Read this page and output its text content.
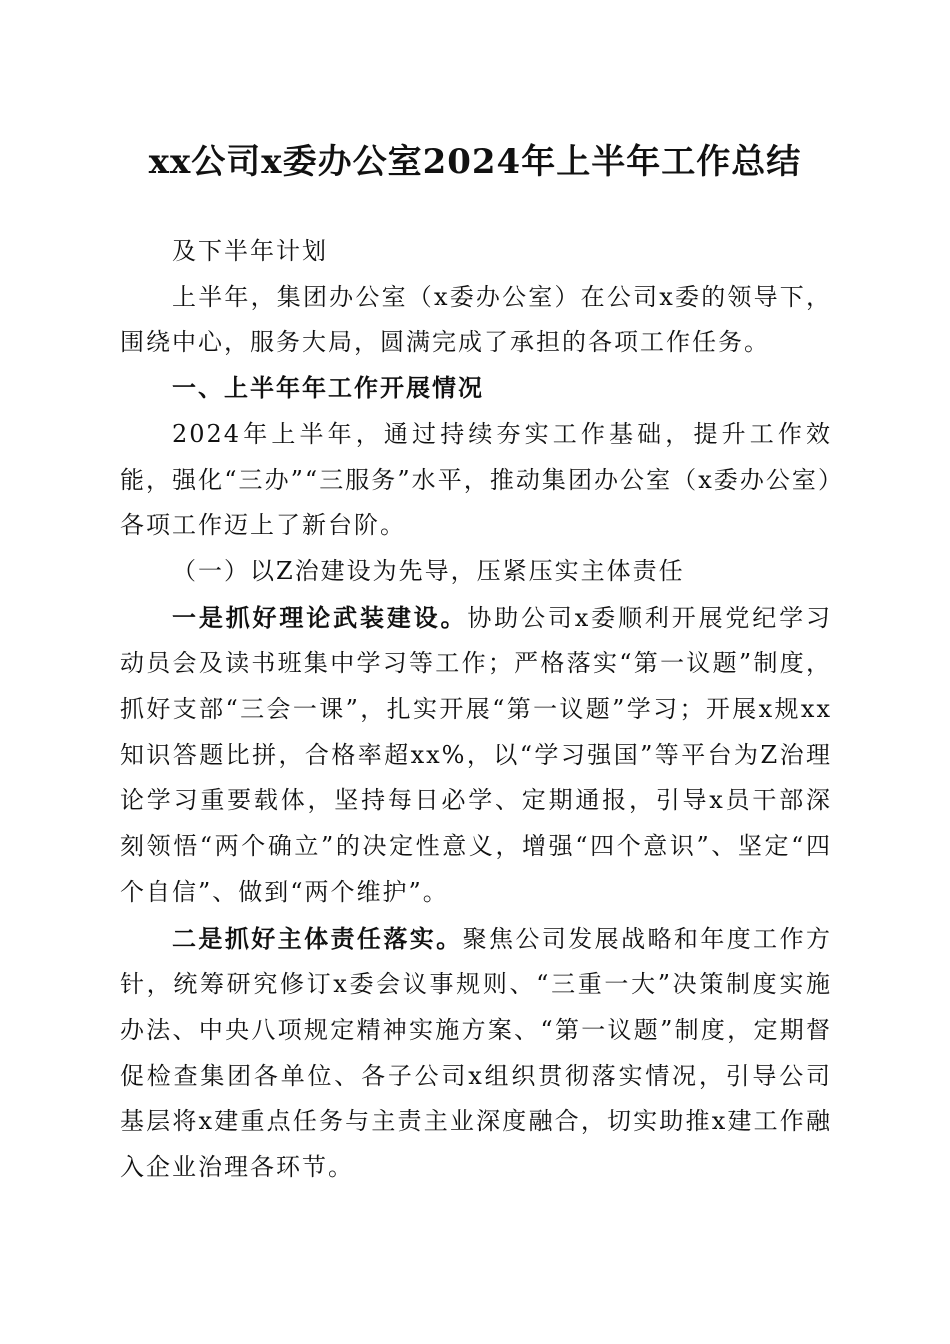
xx公司x委办公室2024年上半年工作总结

及下半年计划

上半年，集团办公室（x委办公室）在公司x委的领导下，围绕中心，服务大局，圆满完成了承担的各项工作任务。

一、上半年年工作开展情况

2024年上半年，通过持续夯实工作基础，提升工作效能，强化“三办”“三服务”水平，推动集团办公室（x委办公室）各项工作迈上了新台阶。

（一）以Z治建设为先导，压紧压实主体责任

一是抓好理论武装建设。协助公司x委顺利开展党纪学习动员会及读书班集中学习等工作；严格落实“第一议题”制度，抓好支部“三会一课”，扎实开展“第一议题”学习；开展x规xx知识答题比拼，合格率超xx%，以“学习强国”等平台为Z治理论学习重要载体，坚持每日必学、定期通报，引导x员干部深刻领悟“两个确立”的决定性意义，增强“四个意识”、坚定“四个自信”、做到“两个维护”。

二是抓好主体责任落实。聚焦公司发展战略和年度工作方针，统筹研究修订x委会议事规则、“三重一大”决策制度实施办法、中央八项规定精神实施方案、“第一议题”制度，定期督促检查集团各单位、各子公司x组织贯彻落实情况，引导公司基层将x建重点任务与主责主业深度融合，切实助推x建工作融入企业治理各环节。
